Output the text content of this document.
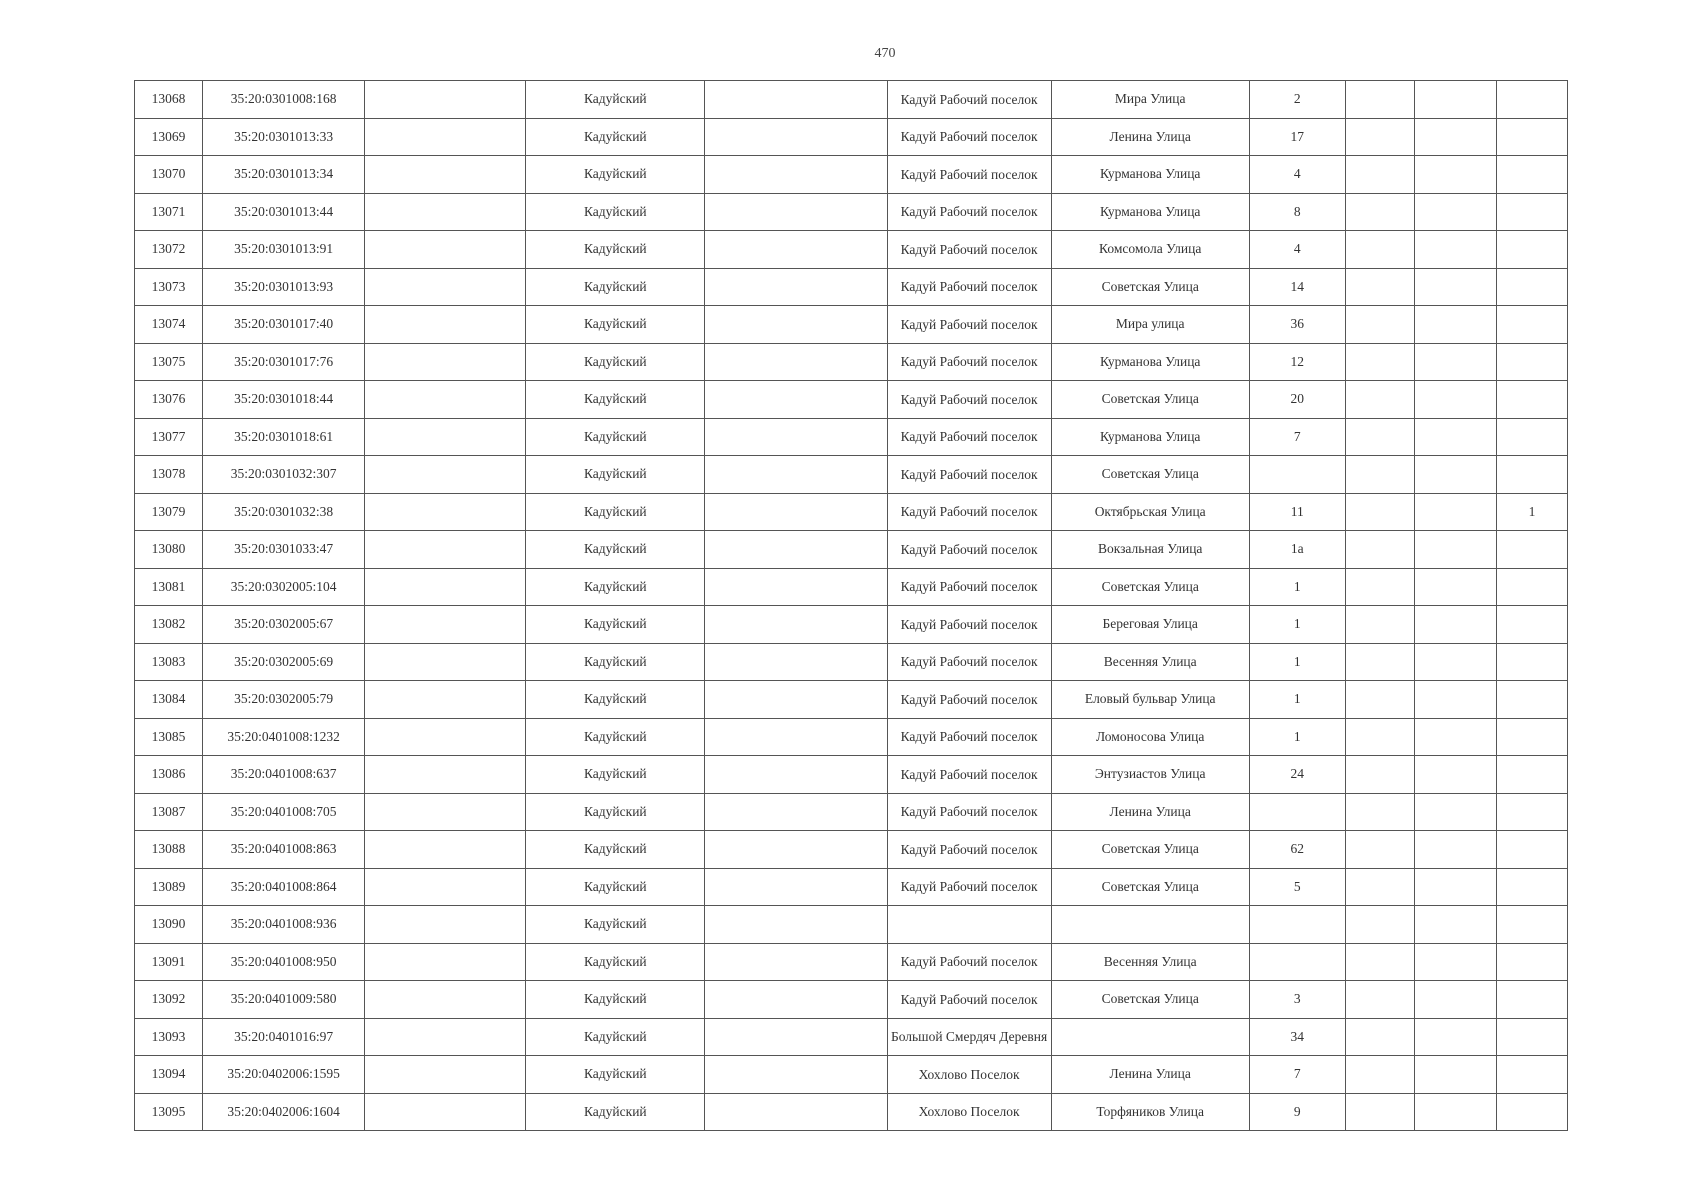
470
13068	35:20:0301008:168		Кадуйский		Кадуй Рабочий поселок	Мира Улица	2			
13069	35:20:0301013:33		Кадуйский		Кадуй Рабочий поселок	Ленина Улица	17			
13070	35:20:0301013:34		Кадуйский		Кадуй Рабочий поселок	Курманова Улица	4			
13071	35:20:0301013:44		Кадуйский		Кадуй Рабочий поселок	Курманова Улица	8			
13072	35:20:0301013:91		Кадуйский		Кадуй Рабочий поселок	Комсомола Улица	4			
13073	35:20:0301013:93		Кадуйский		Кадуй Рабочий поселок	Советская Улица	14			
13074	35:20:0301017:40		Кадуйский		Кадуй Рабочий поселок	Мира улица	36			
13075	35:20:0301017:76		Кадуйский		Кадуй Рабочий поселок	Курманова Улица	12			
13076	35:20:0301018:44		Кадуйский		Кадуй Рабочий поселок	Советская Улица	20			
13077	35:20:0301018:61		Кадуйский		Кадуй Рабочий поселок	Курманова Улица	7			
13078	35:20:0301032:307		Кадуйский		Кадуй Рабочий поселок	Советская Улица				
13079	35:20:0301032:38		Кадуйский		Кадуй Рабочий поселок	Октябрьская Улица	11			1
13080	35:20:0301033:47		Кадуйский		Кадуй Рабочий поселок	Вокзальная Улица	1а			
13081	35:20:0302005:104		Кадуйский		Кадуй Рабочий поселок	Советская Улица	1			
13082	35:20:0302005:67		Кадуйский		Кадуй Рабочий поселок	Береговая Улица	1			
13083	35:20:0302005:69		Кадуйский		Кадуй Рабочий поселок	Весенняя Улица	1			
13084	35:20:0302005:79		Кадуйский		Кадуй Рабочий поселок	Еловый бульвар Улица	1			
13085	35:20:0401008:1232		Кадуйский		Кадуй Рабочий поселок	Ломоносова Улица	1			
13086	35:20:0401008:637		Кадуйский		Кадуй Рабочий поселок	Энтузиастов Улица	24			
13087	35:20:0401008:705		Кадуйский		Кадуй Рабочий поселок	Ленина Улица				
13088	35:20:0401008:863		Кадуйский		Кадуй Рабочий поселок	Советская Улица	62			
13089	35:20:0401008:864		Кадуйский		Кадуй Рабочий поселок	Советская Улица	5			
13090	35:20:0401008:936		Кадуйский							
13091	35:20:0401008:950		Кадуйский		Кадуй Рабочий поселок	Весенняя Улица				
13092	35:20:0401009:580		Кадуйский		Кадуй Рабочий поселок	Советская Улица	3			
13093	35:20:0401016:97		Кадуйский		Большой Смердяч Деревня		34			
13094	35:20:0402006:1595		Кадуйский		Хохлово Поселок	Ленина Улица	7			
13095	35:20:0402006:1604		Кадуйский		Хохлово Поселок	Торфяников Улица	9			
